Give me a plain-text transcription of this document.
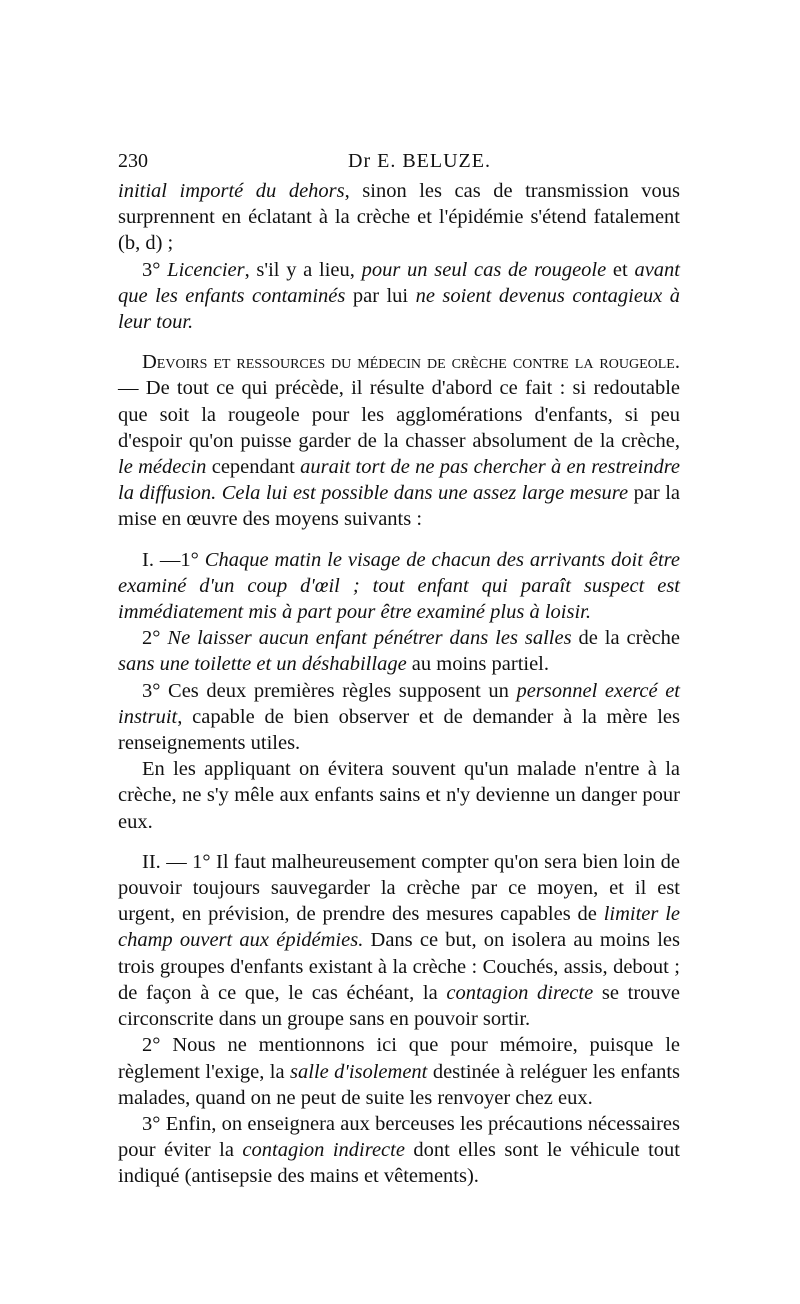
230	Dr E. BELUZE.

initial importé du dehors, sinon les cas de transmission vous surprennent en éclatant à la crèche et l'épidémie s'étend fatalement (b, d) ;

3° Licencier, s'il y a lieu, pour un seul cas de rougeole et avant que les enfants contaminés par lui ne soient devenus contagieux à leur tour.

Devoirs et ressources du médecin de crèche contre la rougeole. — De tout ce qui précède, il résulte d'abord ce fait : si redoutable que soit la rougeole pour les agglomérations d'enfants, si peu d'espoir qu'on puisse garder de la chasser absolument de la crèche, le médecin cependant aurait tort de ne pas chercher à en restreindre la diffusion. Cela lui est possible dans une assez large mesure par la mise en œuvre des moyens suivants :

I. —1° Chaque matin le visage de chacun des arrivants doit être examiné d'un coup d'œil ; tout enfant qui paraît suspect est immédiatement mis à part pour être examiné plus à loisir.

2° Ne laisser aucun enfant pénétrer dans les salles de la crèche sans une toilette et un déshabillage au moins partiel.

3° Ces deux premières règles supposent un personnel exercé et instruit, capable de bien observer et de demander à la mère les renseignements utiles.

En les appliquant on évitera souvent qu'un malade n'entre à la crèche, ne s'y mêle aux enfants sains et n'y devienne un danger pour eux.

II. — 1° Il faut malheureusement compter qu'on sera bien loin de pouvoir toujours sauvegarder la crèche par ce moyen, et il est urgent, en prévision, de prendre des mesures capables de limiter le champ ouvert aux épidémies. Dans ce but, on isolera au moins les trois groupes d'enfants existant à la crèche : Couchés, assis, debout ; de façon à ce que, le cas échéant, la contagion directe se trouve circonscrite dans un groupe sans en pouvoir sortir.

2° Nous ne mentionnons ici que pour mémoire, puisque le règlement l'exige, la salle d'isolement destinée à reléguer les enfants malades, quand on ne peut de suite les renvoyer chez eux.

3° Enfin, on enseignera aux berceuses les précautions nécessaires pour éviter la contagion indirecte dont elles sont le véhicule tout indiqué (antisepsie des mains et vêtements).
